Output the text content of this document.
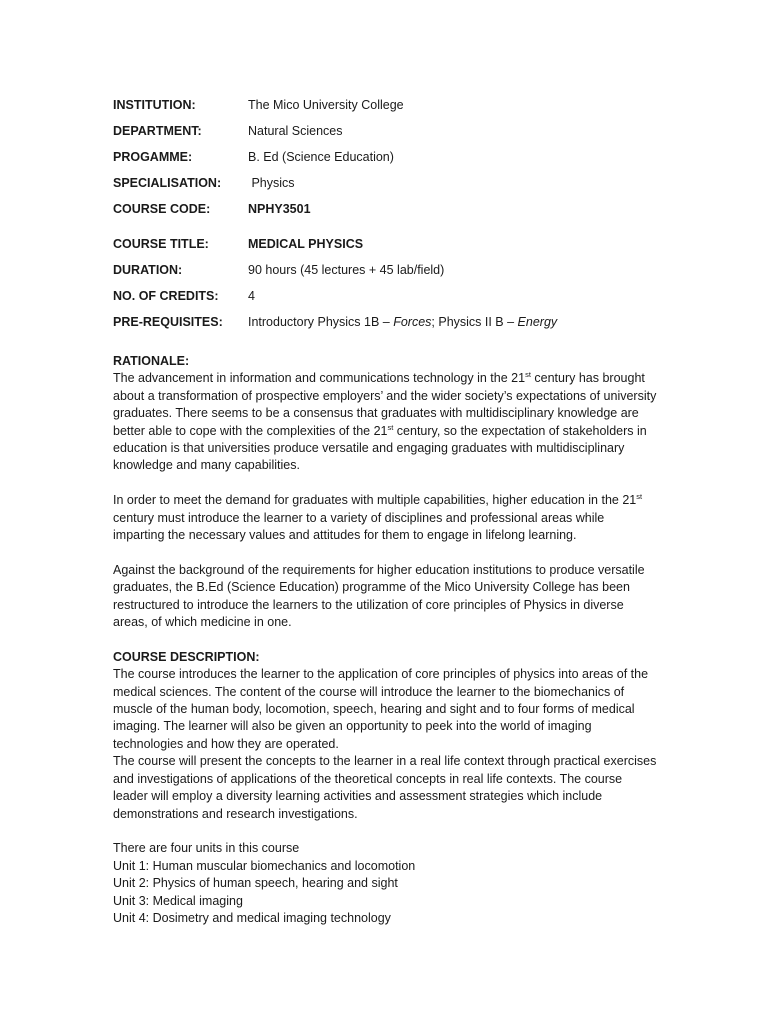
INSTITUTION:	The Mico University College
DEPARTMENT:	Natural Sciences
PROGAMME:	B. Ed (Science Education)
SPECIALISATION:	Physics
COURSE CODE:	NPHY3501
COURSE TITLE:	MEDICAL PHYSICS
DURATION:	90 hours (45 lectures + 45 lab/field)
NO. OF CREDITS:	4
PRE-REQUISITES:	Introductory Physics 1B – Forces; Physics II B – Energy
RATIONALE:

The advancement in information and communications technology in the 21st century has brought about a transformation of prospective employers’ and the wider society’s expectations of university graduates. There seems to be a consensus that graduates with multidisciplinary knowledge are better able to cope with the complexities of the 21st century, so the expectation of stakeholders in education is that universities produce versatile and engaging graduates with multidisciplinary knowledge and many capabilities.

In order to meet the demand for graduates with multiple capabilities, higher education in the 21st century must introduce the learner to a variety of disciplines and professional areas while imparting the necessary values and attitudes for them to engage in lifelong learning.

Against the background of the requirements for higher education institutions to produce versatile graduates, the B.Ed (Science Education) programme of the Mico University College has been restructured to introduce the learners to the utilization of core principles of Physics in diverse areas, of which medicine in one.

COURSE DESCRIPTION:

The course introduces the learner to the application of core principles of physics into areas of the medical sciences. The content of the course will introduce the learner to the biomechanics of muscle of the human body, locomotion, speech, hearing and sight and to four forms of medical imaging. The learner will also be given an opportunity to peek into the world of imaging technologies and how they are operated.

The course will present the concepts to the learner in a real life context through practical exercises and investigations of applications of the theoretical concepts in real life contexts. The course leader will employ a diversity learning activities and assessment strategies which include demonstrations and research investigations.

There are four units in this course
Unit 1: Human muscular biomechanics and locomotion
Unit 2: Physics of human speech, hearing and sight
Unit 3: Medical imaging
Unit 4: Dosimetry and medical imaging technology
